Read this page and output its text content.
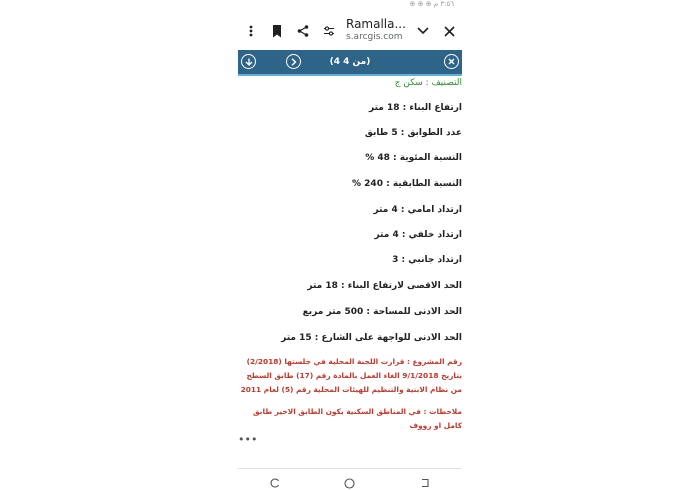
٣:٥٦ م ⊕ ⊕ ⊕
Ramalla...
s.arcgis.com
(4 من 4)
التصنيف : سكن ج
ارتفاع البناء : 18 متر
عدد الطوابق : 5 طابق
النسبة المئوية : 48 %
النسبة الطابقية : 240 %
ارتداد امامي : 4 متر
ارتداد خلفي : 4 متر
ارتداد جانبي : 3
الحد الاقصى لارتفاع البناء : 18 متر
الحد الادنى للمساحة : 500 متر مربع
الحد الادنى للواجهة على الشارع : 15 متر
رقم المشروع : قرارت اللجنة المحلية في جلستها (2/2018) بتاريخ 9/1/2018 الغاء العمل بالمادة رقم (17) طابق السطح من نظام الابنية والتنظيم للهيئات المحلية رقم (5) لعام 2011
ملاحظات : في المناطق السكنية يكون الطابق الاخير طابق كامل او رووف
•••
